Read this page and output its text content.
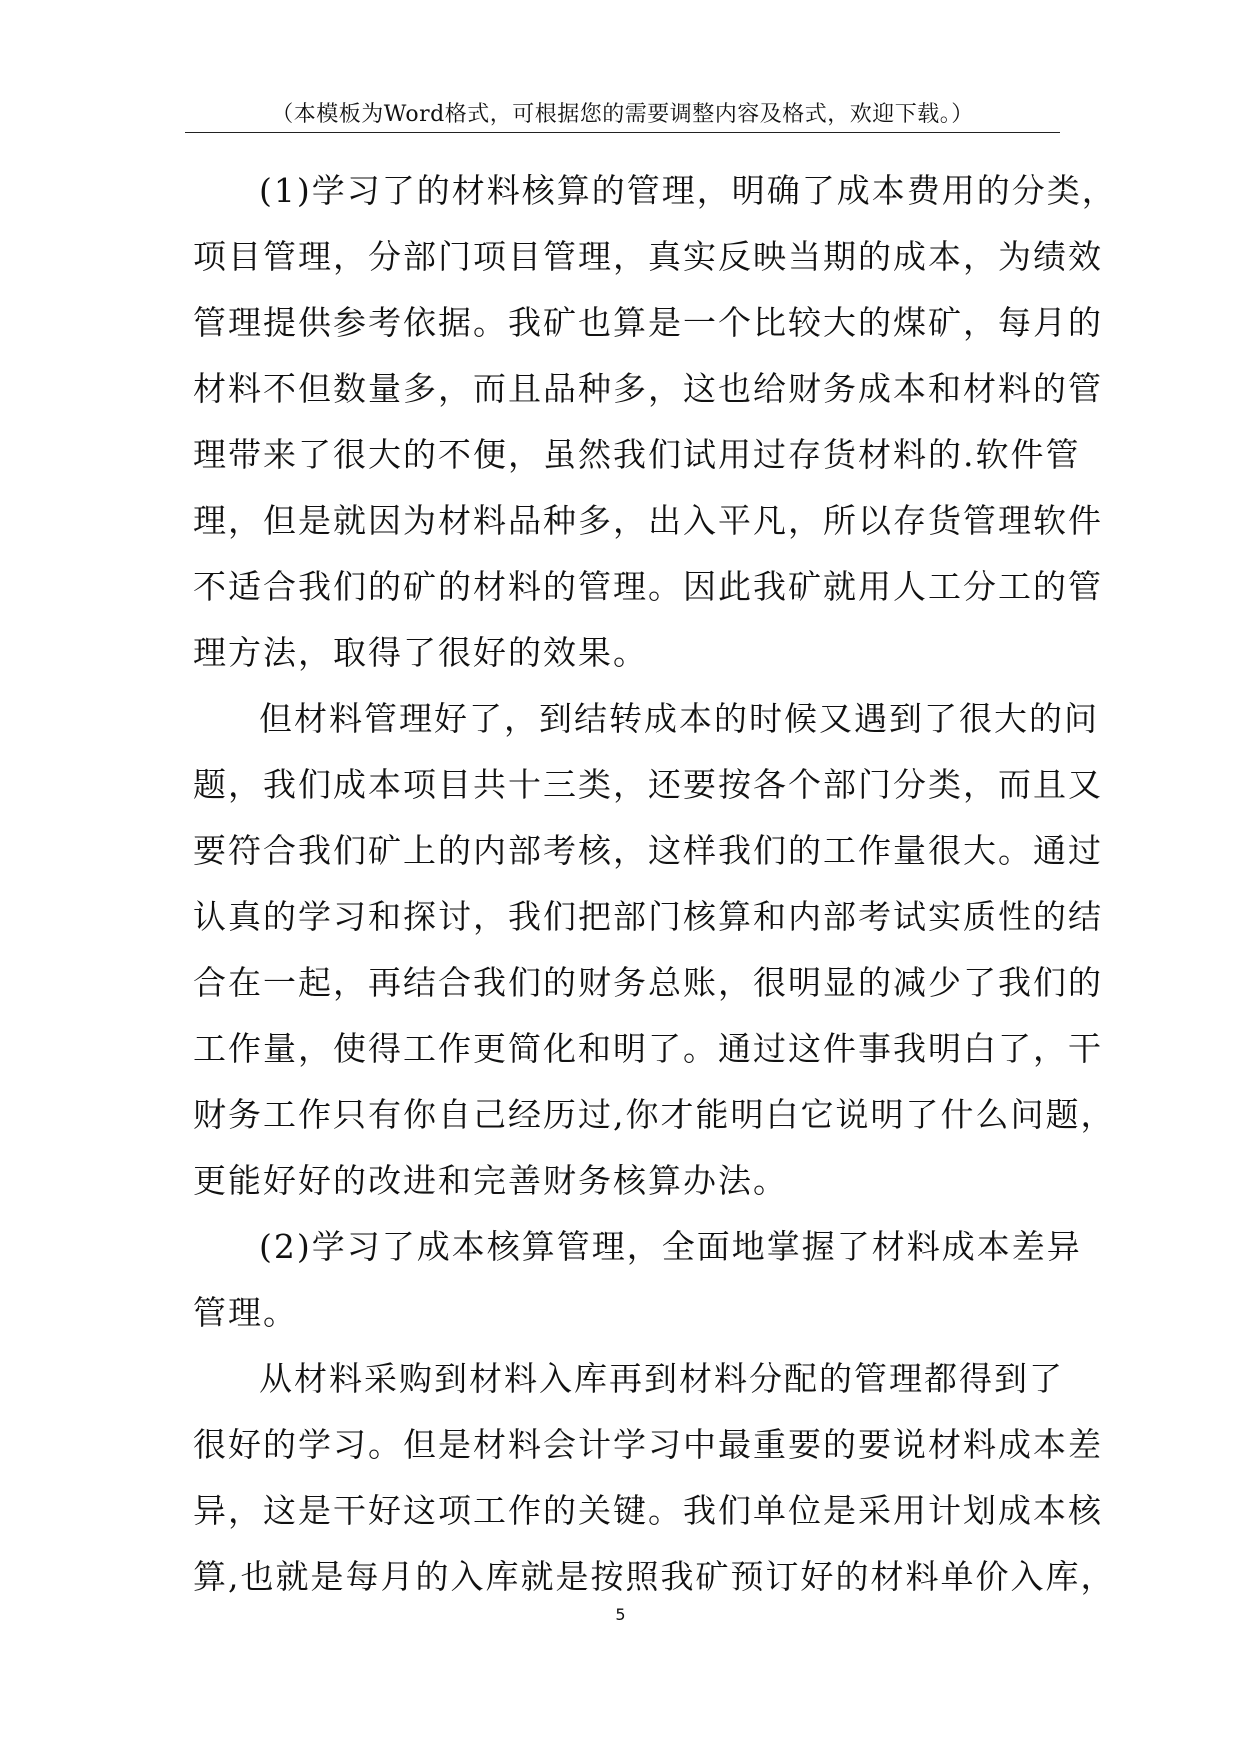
（本模板为Word格式，可根据您的需要调整内容及格式，欢迎下载。）
(1)学习了的材料核算的管理，明确了成本费用的分类，
项目管理，分部门项目管理，真实反映当期的成本，为绩效
管理提供参考依据。我矿也算是一个比较大的煤矿，每月的
材料不但数量多，而且品种多，这也给财务成本和材料的管
理带来了很大的不便，虽然我们试用过存货材料的.软件管
理，但是就因为材料品种多，出入平凡，所以存货管理软件
不适合我们的矿的材料的管理。因此我矿就用人工分工的管
理方法，取得了很好的效果。
但材料管理好了，到结转成本的时候又遇到了很大的问
题，我们成本项目共十三类，还要按各个部门分类，而且又
要符合我们矿上的内部考核，这样我们的工作量很大。通过
认真的学习和探讨，我们把部门核算和内部考试实质性的结
合在一起，再结合我们的财务总账，很明显的减少了我们的
工作量，使得工作更简化和明了。通过这件事我明白了，干
财务工作只有你自己经历过,你才能明白它说明了什么问题，
更能好好的改进和完善财务核算办法。
(2)学习了成本核算管理，全面地掌握了材料成本差异
管理。
从材料采购到材料入库再到材料分配的管理都得到了
很好的学习。但是材料会计学习中最重要的要说材料成本差
异，这是干好这项工作的关键。我们单位是采用计划成本核
算,也就是每月的入库就是按照我矿预订好的材料单价入库，
5
